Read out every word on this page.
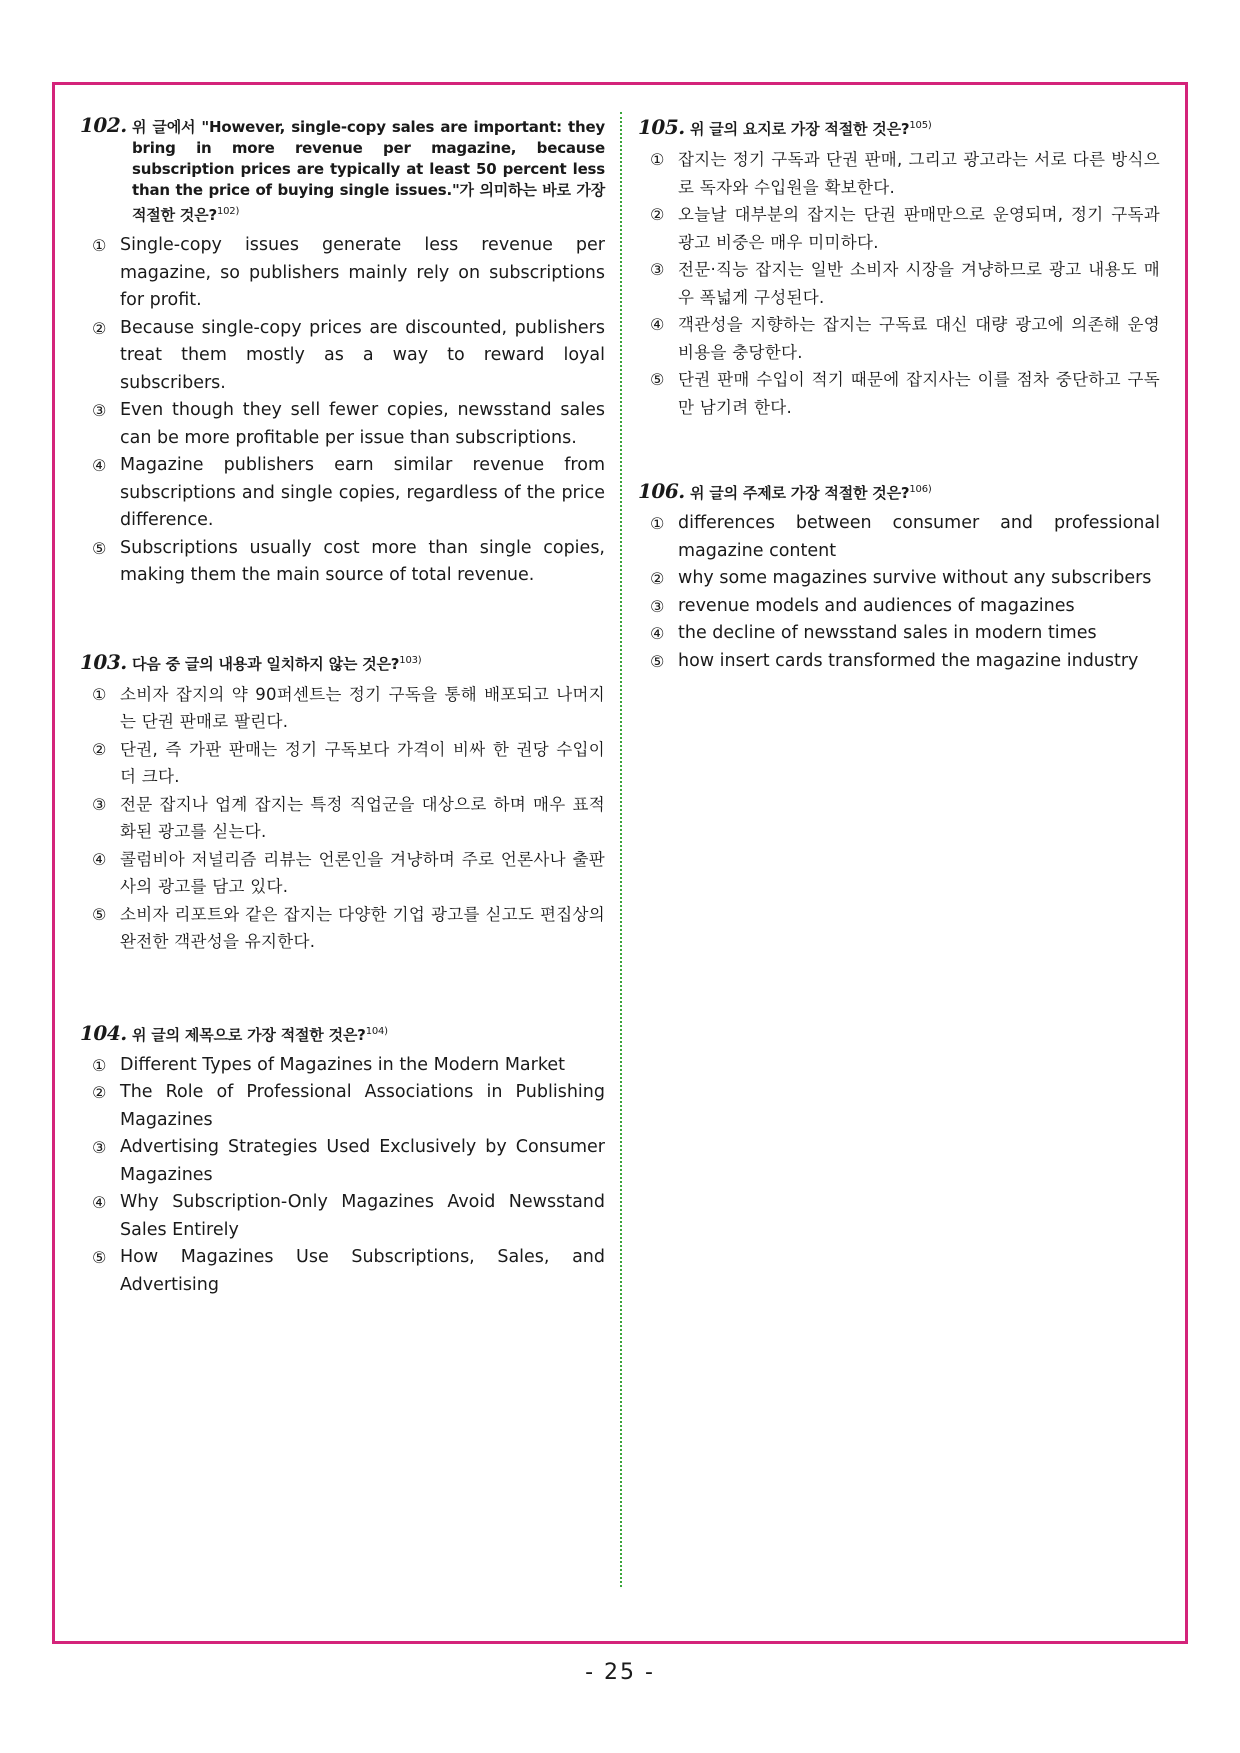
102. 위 글에서 "However, single-copy sales are important: they bring in more revenue per magazine, because subscription prices are typically at least 50 percent less than the price of buying single issues."가 의미하는 바로 가장 적절한 것은?$^{102)}$
① Single-copy issues generate less revenue per magazine, so publishers mainly rely on subscriptions for profit.
② Because single-copy prices are discounted, publishers treat them mostly as a way to reward loyal subscribers.
③ Even though they sell fewer copies, newsstand sales can be more profitable per issue than subscriptions.
④ Magazine publishers earn similar revenue from subscriptions and single copies, regardless of the price difference.
⑤ Subscriptions usually cost more than single copies, making them the main source of total revenue.
103. 다음 중 글의 내용과 일치하지 않는 것은?$^{103)}$
① 소비자 잡지의 약 90퍼센트는 정기 구독을 통해 배포되고 나머지는 단권 판매로 팔린다.
② 단권, 즉 가판 판매는 정기 구독보다 가격이 비싸 한 권당 수입이 더 크다.
③ 전문 잡지나 업계 잡지는 특정 직업군을 대상으로 하며 매우 표적화된 광고를 싣는다.
④ 콜럼비아 저널리즘 리뷰는 언론인을 겨냥하며 주로 언론사나 출판사의 광고를 담고 있다.
⑤ 소비자 리포트와 같은 잡지는 다양한 기업 광고를 싣고도 편집상의 완전한 객관성을 유지한다.
104. 위 글의 제목으로 가장 적절한 것은?$^{104)}$
① Different Types of Magazines in the Modern Market
② The Role of Professional Associations in Publishing Magazines
③ Advertising Strategies Used Exclusively by Consumer Magazines
④ Why Subscription-Only Magazines Avoid Newsstand Sales Entirely
⑤ How Magazines Use Subscriptions, Sales, and Advertising
105. 위 글의 요지로 가장 적절한 것은?$^{105)}$
① 잡지는 정기 구독과 단권 판매, 그리고 광고라는 서로 다른 방식으로 독자와 수입원을 확보한다.
② 오늘날 대부분의 잡지는 단권 판매만으로 운영되며, 정기 구독과 광고 비중은 매우 미미하다.
③ 전문·직능 잡지는 일반 소비자 시장을 겨냥하므로 광고 내용도 매우 폭넓게 구성된다.
④ 객관성을 지향하는 잡지는 구독료 대신 대량 광고에 의존해 운영 비용을 충당한다.
⑤ 단권 판매 수입이 적기 때문에 잡지사는 이를 점차 중단하고 구독만 남기려 한다.
106. 위 글의 주제로 가장 적절한 것은?$^{106)}$
① differences between consumer and professional magazine content
② why some magazines survive without any subscribers
③ revenue models and audiences of magazines
④ the decline of newsstand sales in modern times
⑤ how insert cards transformed the magazine industry
- 25 -
